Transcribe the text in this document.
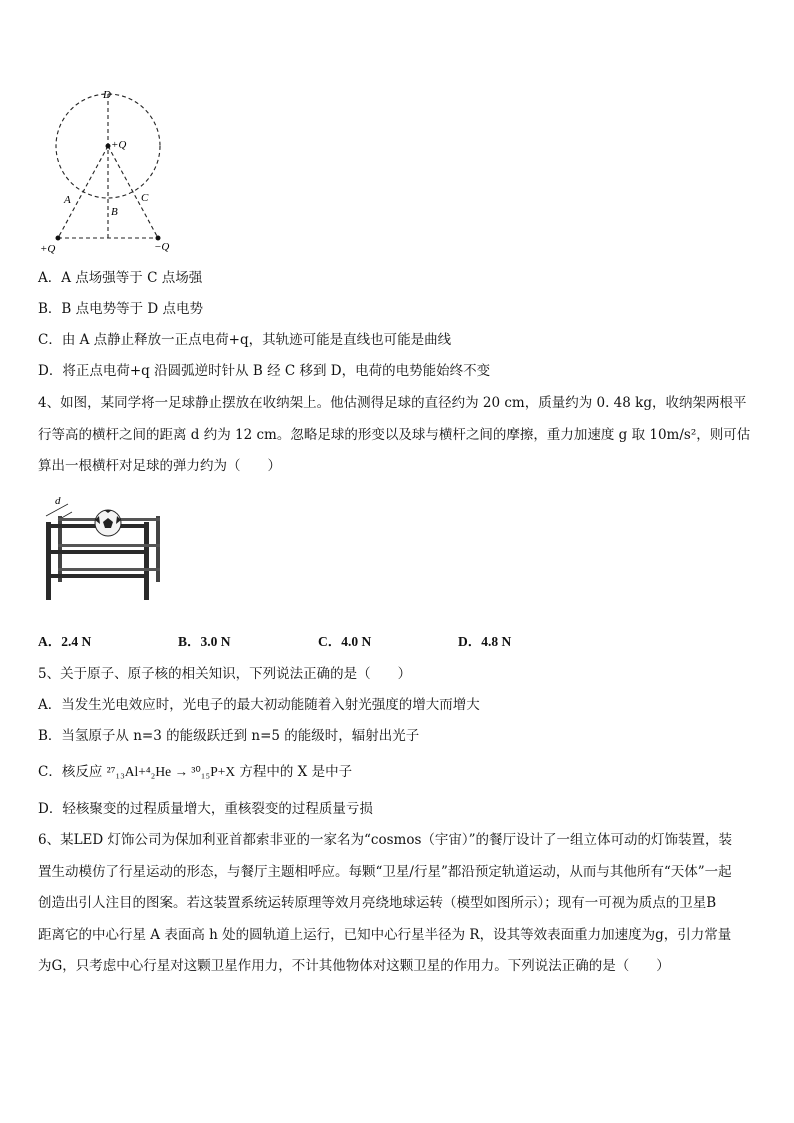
D
+Q
A
B
C
+Q	−Q
A．A 点场强等于 C 点场强
B．B 点电势等于 D 点电势
C．由 A 点静止释放一正点电荷+q，其轨迹可能是直线也可能是曲线
D．将正点电荷+q 沿圆弧逆时针从 B 经 C 移到 D，电荷的电势能始终不变
4、如图，某同学将一足球静止摆放在收纳架上。他估测得足球的直径约为 20 cm，质量约为 0. 48 kg，收纳架两根平
行等高的横杆之间的距离 d 约为 12 cm。忽略足球的形变以及球与横杆之间的摩擦，重力加速度 g 取 10m/s²，则可估
算出一根横杆对足球的弹力约为（　　）
d
A．2.4 N	B．3.0 N	C．4.0 N	D．4.8 N
5、关于原子、原子核的相关知识，下列说法正确的是（　　）
A．当发生光电效应时，光电子的最大初动能随着入射光强度的增大而增大
B．当氢原子从 n=3 的能级跃迁到 n=5 的能级时，辐射出光子
C．核反应 ²⁷₁₃Al+⁴₂He → ³⁰₁₅P+X 方程中的 X 是中子
D．轻核聚变的过程质量增大，重核裂变的过程质量亏损
6、某LED 灯饰公司为保加利亚首都索非亚的一家名为“cosmos（宇宙）”的餐厅设计了一组立体可动的灯饰装置，装
置生动模仿了行星运动的形态，与餐厅主题相呼应。每颗“卫星/行星”都沿预定轨道运动，从而与其他所有“天体”一起
创造出引人注目的图案。若这装置系统运转原理等效月亮绕地球运转（模型如图所示）；现有一可视为质点的卫星B
距离它的中心行星 A 表面高 h 处的圆轨道上运行，已知中心行星半径为 R，设其等效表面重力加速度为g，引力常量
为G，只考虑中心行星对这颗卫星作用力，不计其他物体对这颗卫星的作用力。下列说法正确的是（　　）
